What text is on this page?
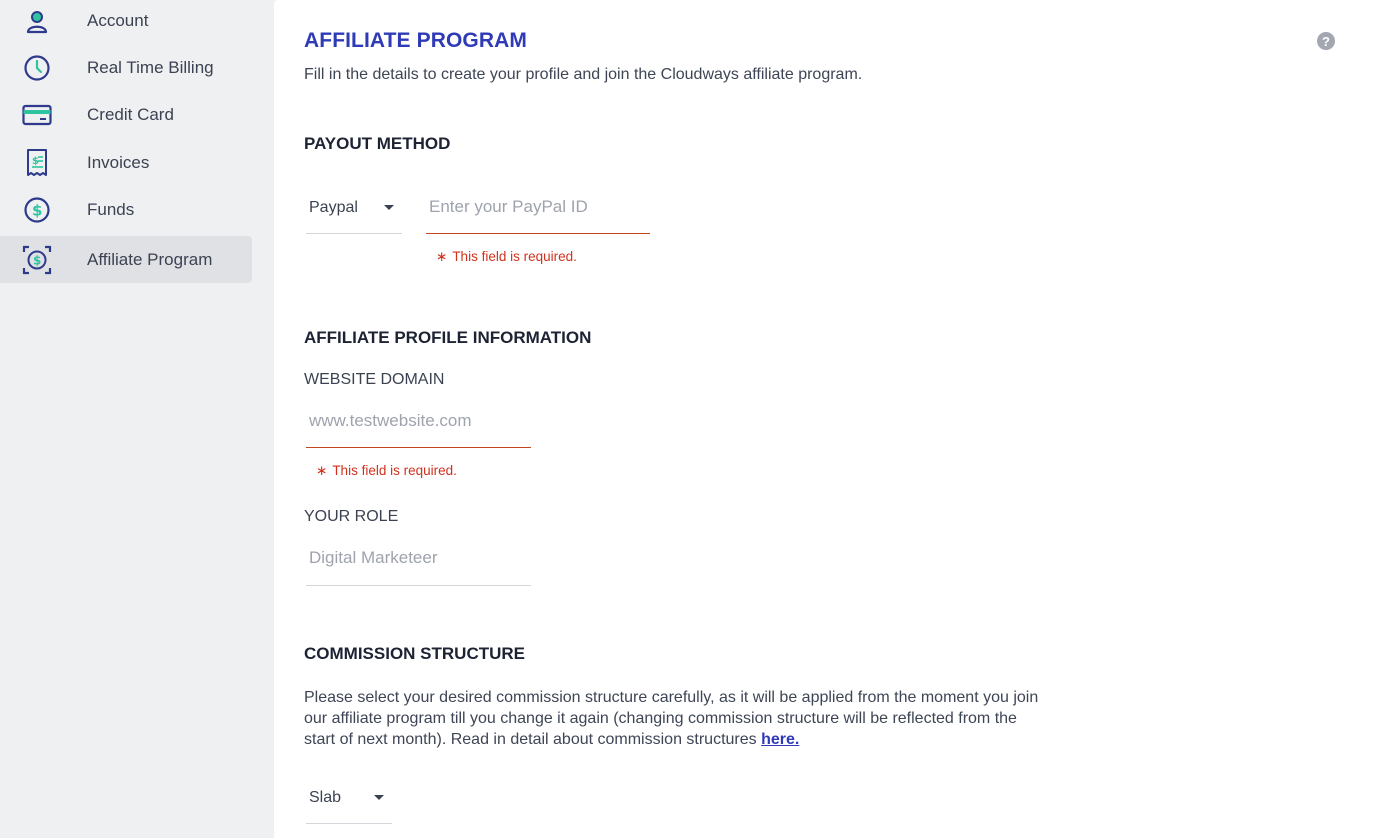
Account
Real Time Billing
Credit Card
$	Invoices
$	Funds
$	Affiliate Program
AFFILIATE PROGRAM
Fill in the details to create your profile and join the Cloudways affiliate program.
?
PAYOUT METHOD
Paypal
Enter your PayPal ID
∗ This field is required.
AFFILIATE PROFILE INFORMATION
WEBSITE DOMAIN
www.testwebsite.com
∗ This field is required.
YOUR ROLE
Digital Marketeer
COMMISSION STRUCTURE
Please select your desired commission structure carefully, as it will be applied from the moment you join our affiliate program till you change it again (changing commission structure will be reflected from the start of next month). Read in detail about commission structures here.
Slab
